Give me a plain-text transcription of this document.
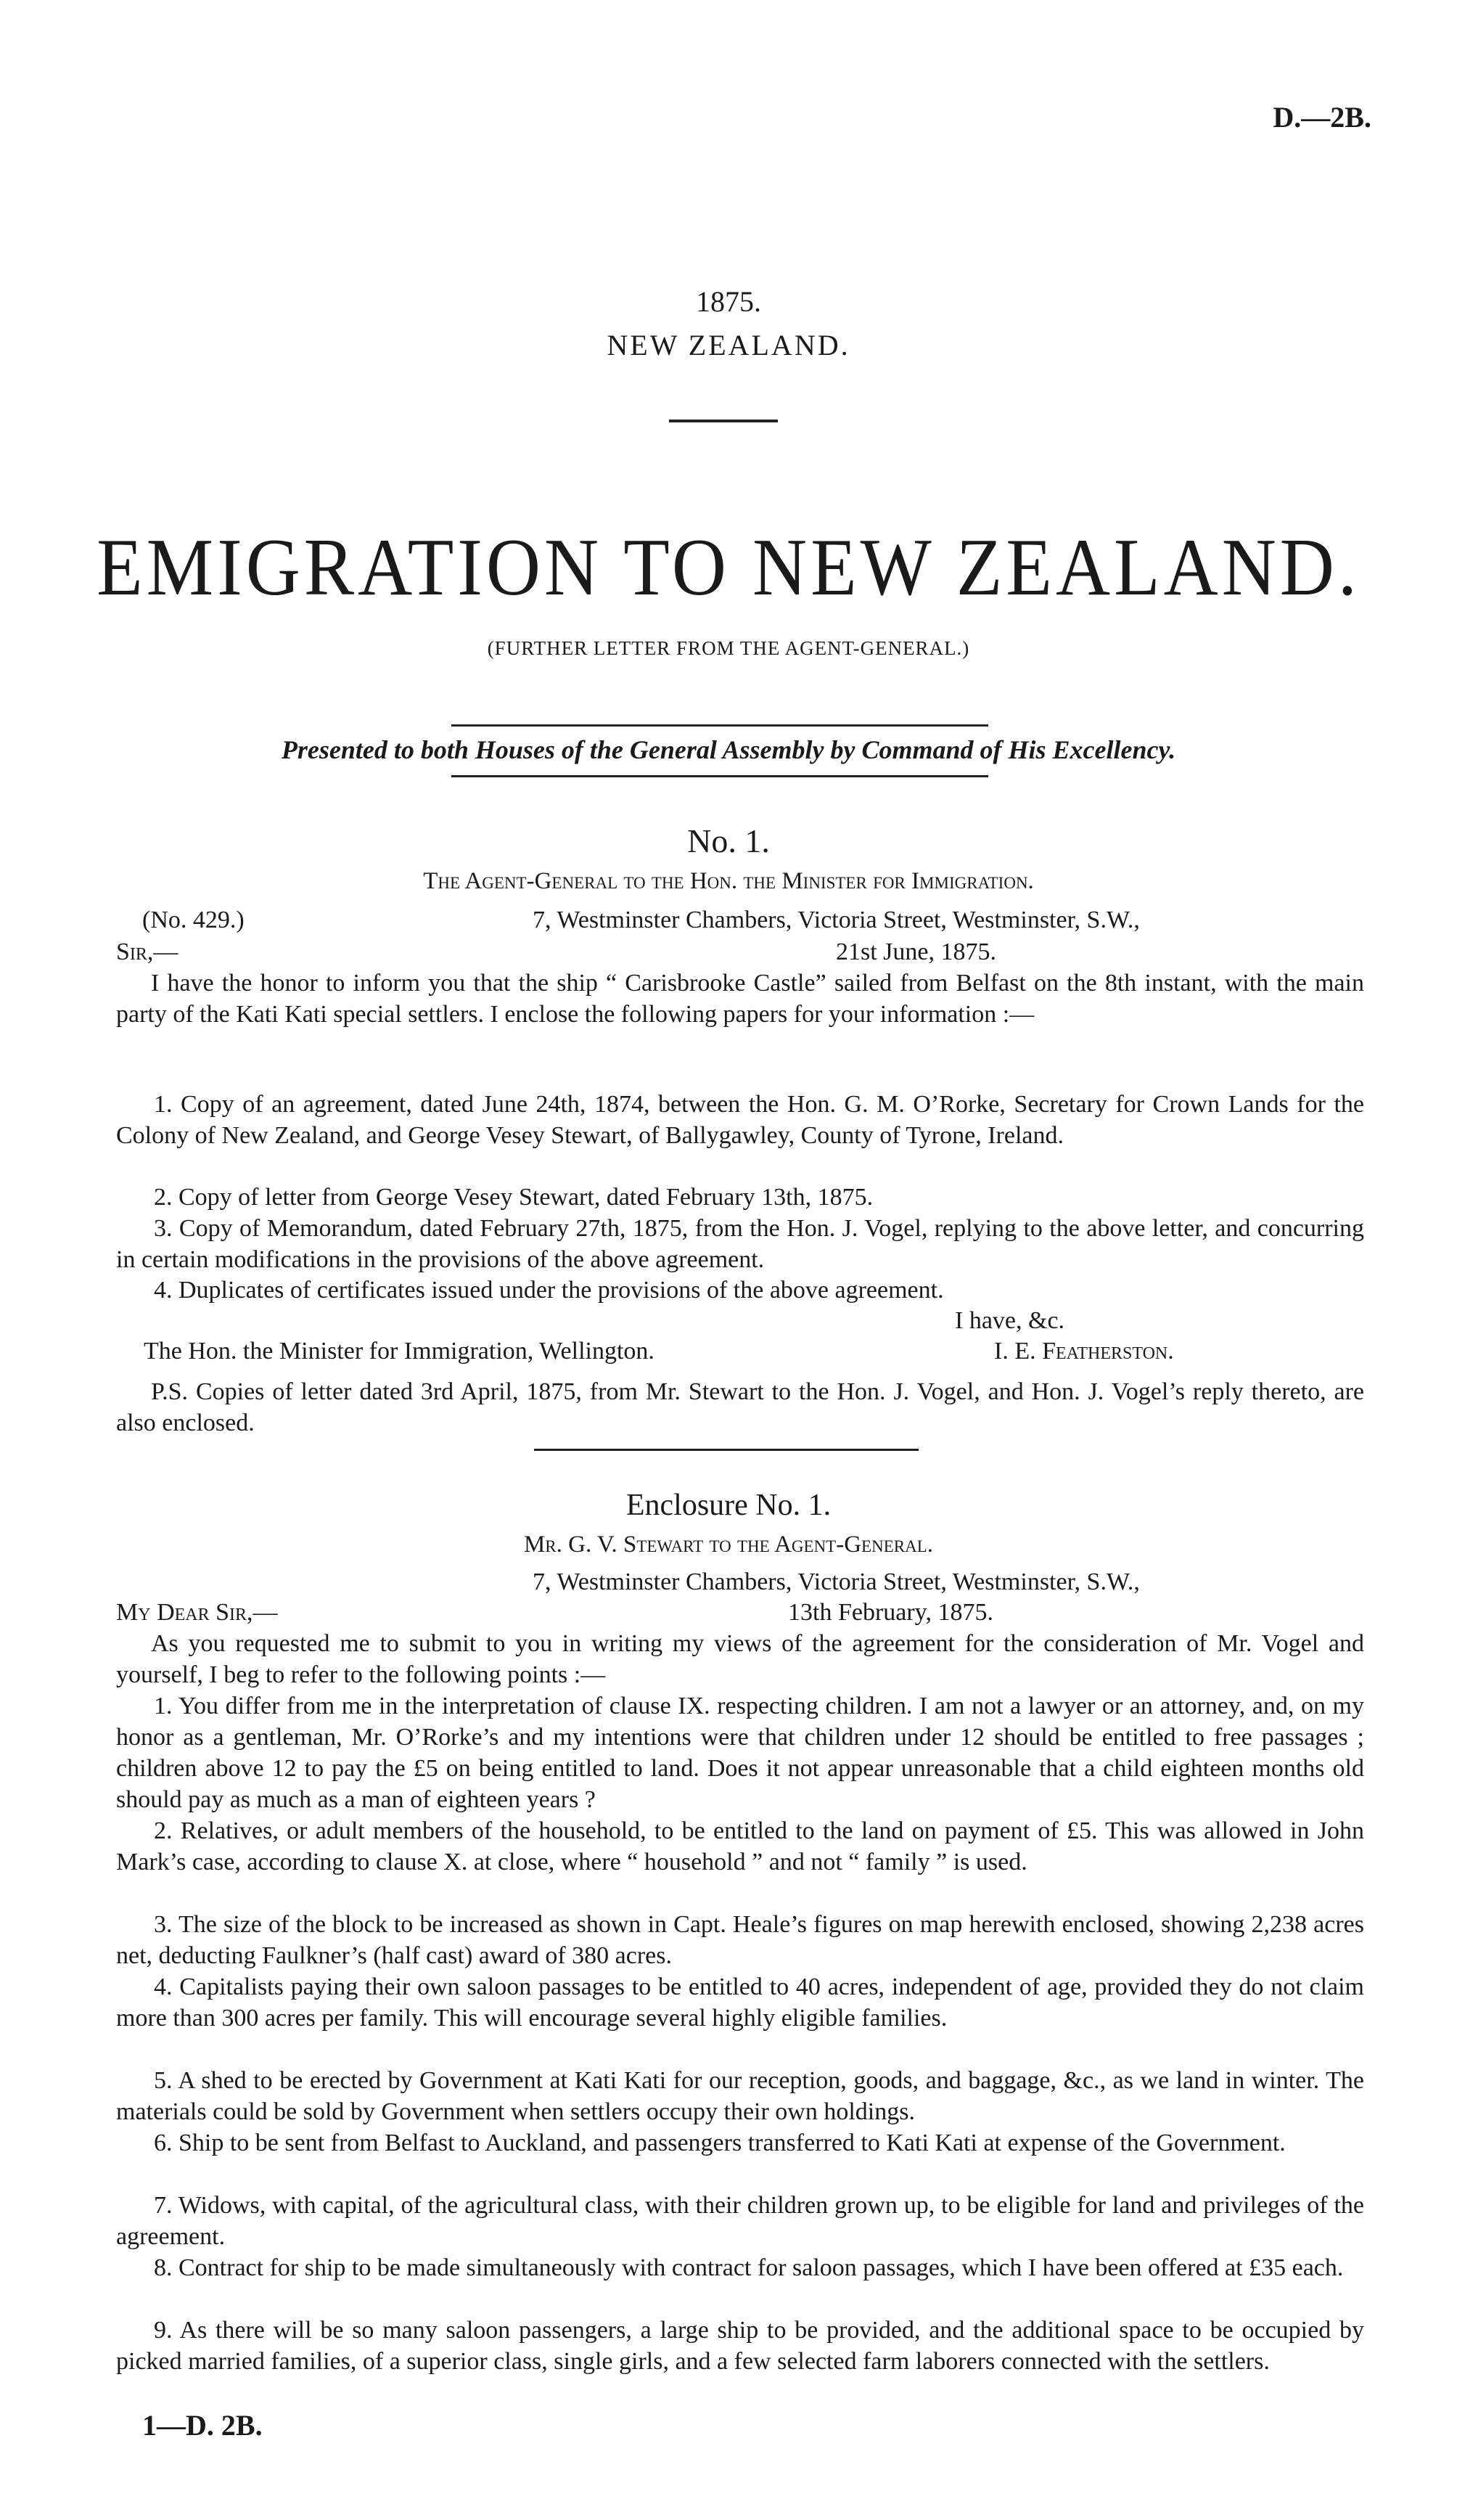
D.—2B.
1875.
NEW ZEALAND.
EMIGRATION TO NEW ZEALAND.
(FURTHER LETTER FROM THE AGENT-GENERAL.)
Presented to both Houses of the General Assembly by Command of His Excellency.
No. 1.
The Agent-General to the Hon. the Minister for Immigration.
(No. 429.)	7, Westminster Chambers, Victoria Street, Westminster, S.W.,
Sir,—	21st June, 1875.
I have the honor to inform you that the ship “ Carisbrooke Castle” sailed from Belfast on the 8th instant, with the main party of the Kati Kati special settlers. I enclose the following papers for your information :—
1. Copy of an agreement, dated June 24th, 1874, between the Hon. G. M. O’Rorke, Secretary for Crown Lands for the Colony of New Zealand, and George Vesey Stewart, of Ballygawley, County of Tyrone, Ireland.
2. Copy of letter from George Vesey Stewart, dated February 13th, 1875.
3. Copy of Memorandum, dated February 27th, 1875, from the Hon. J. Vogel, replying to the above letter, and concurring in certain modifications in the provisions of the above agreement.
4. Duplicates of certificates issued under the provisions of the above agreement.
I have, &c.
The Hon. the Minister for Immigration, Wellington.	I. E. Featherston.
P.S. Copies of letter dated 3rd April, 1875, from Mr. Stewart to the Hon. J. Vogel, and Hon. J. Vogel’s reply thereto, are also enclosed.
Enclosure No. 1.
Mr. G. V. Stewart to the Agent-General.
7, Westminster Chambers, Victoria Street, Westminster, S.W.,
My Dear Sir,—	13th February, 1875.
As you requested me to submit to you in writing my views of the agreement for the consideration of Mr. Vogel and yourself, I beg to refer to the following points :—
1. You differ from me in the interpretation of clause IX. respecting children. I am not a lawyer or an attorney, and, on my honor as a gentleman, Mr. O’Rorke’s and my intentions were that children under 12 should be entitled to free passages ; children above 12 to pay the £5 on being entitled to land. Does it not appear unreasonable that a child eighteen months old should pay as much as a man of eighteen years ?
2. Relatives, or adult members of the household, to be entitled to the land on payment of £5. This was allowed in John Mark’s case, according to clause X. at close, where “ household ” and not “ family ” is used.
3. The size of the block to be increased as shown in Capt. Heale’s figures on map herewith enclosed, showing 2,238 acres net, deducting Faulkner’s (half cast) award of 380 acres.
4. Capitalists paying their own saloon passages to be entitled to 40 acres, independent of age, provided they do not claim more than 300 acres per family. This will encourage several highly eligible families.
5. A shed to be erected by Government at Kati Kati for our reception, goods, and baggage, &c., as we land in winter. The materials could be sold by Government when settlers occupy their own holdings.
6. Ship to be sent from Belfast to Auckland, and passengers transferred to Kati Kati at expense of the Government.
7. Widows, with capital, of the agricultural class, with their children grown up, to be eligible for land and privileges of the agreement.
8. Contract for ship to be made simultaneously with contract for saloon passages, which I have been offered at £35 each.
9. As there will be so many saloon passengers, a large ship to be provided, and the additional space to be occupied by picked married families, of a superior class, single girls, and a few selected farm laborers connected with the settlers.
1—D. 2B.
